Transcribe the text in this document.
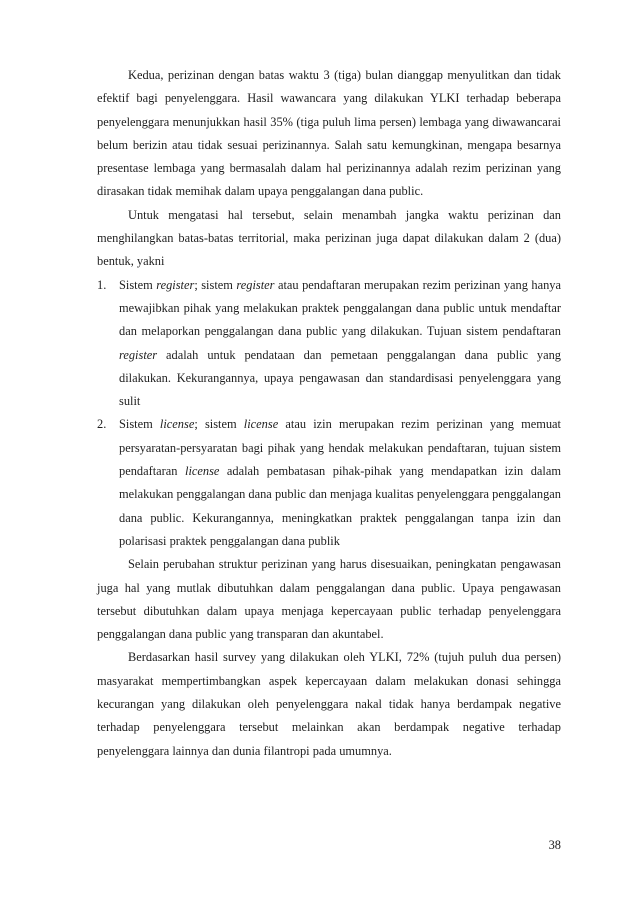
Kedua, perizinan dengan batas waktu 3 (tiga) bulan dianggap menyulitkan dan tidak efektif bagi penyelenggara. Hasil wawancara yang dilakukan YLKI terhadap beberapa penyelenggara menunjukkan hasil 35% (tiga puluh lima persen) lembaga yang diwawancarai belum berizin atau tidak sesuai perizinannya. Salah satu kemungkinan, mengapa besarnya presentase lembaga yang bermasalah dalam hal perizinannya adalah rezim perizinan yang dirasakan tidak memihak dalam upaya penggalangan dana public.

Untuk mengatasi hal tersebut, selain menambah jangka waktu perizinan dan menghilangkan batas-batas territorial, maka perizinan juga dapat dilakukan dalam 2 (dua) bentuk, yakni

1. Sistem register; sistem register atau pendaftaran merupakan rezim perizinan yang hanya mewajibkan pihak yang melakukan praktek penggalangan dana public untuk mendaftar dan melaporkan penggalangan dana public yang dilakukan. Tujuan sistem pendaftaran register adalah untuk pendataan dan pemetaan penggalangan dana public yang dilakukan. Kekurangannya, upaya pengawasan dan standardisasi penyelenggara yang sulit
2. Sistem license; sistem license atau izin merupakan rezim perizinan yang memuat persyaratan-persyaratan bagi pihak yang hendak melakukan pendaftaran, tujuan sistem pendaftaran license adalah pembatasan pihak-pihak yang mendapatkan izin dalam melakukan penggalangan dana public dan menjaga kualitas penyelenggara penggalangan dana public. Kekurangannya, meningkatkan praktek penggalangan tanpa izin dan polarisasi praktek penggalangan dana publik

Selain perubahan struktur perizinan yang harus disesuaikan, peningkatan pengawasan juga hal yang mutlak dibutuhkan dalam penggalangan dana public. Upaya pengawasan tersebut dibutuhkan dalam upaya menjaga kepercayaan public terhadap penyelenggara penggalangan dana public yang transparan dan akuntabel.

Berdasarkan hasil survey yang dilakukan oleh YLKI, 72% (tujuh puluh dua persen) masyarakat mempertimbangkan aspek kepercayaan dalam melakukan donasi sehingga kecurangan yang dilakukan oleh penyelenggara nakal tidak hanya berdampak negative terhadap penyelenggara tersebut melainkan akan berdampak negative terhadap penyelenggara lainnya dan dunia filantropi pada umumnya.

38
